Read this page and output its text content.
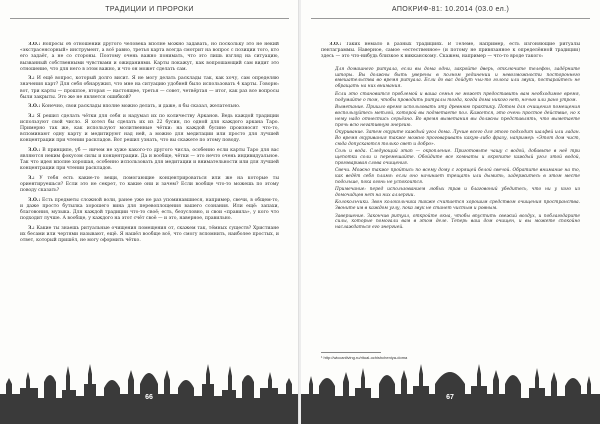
ТРАДИЦИИ И ПРОРОКИ

З.О.: Вопросы об отношении другого человека вполне можно задавать, но поскольку это не некий «экстрасенсорный» инструмент, а всё равно, третья карта всегда смотрит на вопрос с позиции того, кто его задаёт, а не со стороны. Поэтому очень важно понимать, что это лишь взгляд на ситуацию, вызванный собственными чувствами и ожиданиями. Карты покажут, как вопрошающий сам видит это отношение, что для него в этом важно, и что он может сделать сам.

З.: И ещё вопрос, который долго висит. Я не могу делать расклады так, как хочу, сам определяю значения карт? Для себя обнаружил, что мне на ситуацию удобней было использовать 4 карты. Говорю: вот, три карты — прошлое, вторая — настоящее, третья — совет, четвёртая — итог, как раз все вопросы были закрыты. Это же не является ошибкой?

З.О.: Конечно, свои расклады вполне можно делать, и даже, я бы сказал, желательно.

З.: Я решил сделать чётки для себя и надумал их по количеству Арканов. Ведь каждой традиции используют свой число. Я хотел бы сделать их из 22 бусин, по одной для каждого аркана Таро. Примерно так же, как используют молитвенные чётки: на каждой бусине произносят что-то, вспоминают одну карту и медитируют над ней, а можно для медитации или просто для лучшей концентрации при чтении раскладов. Вот решил узнать, что вы скажете по этому поводу.

З.О.: В принципе, уб — ничем не хуже какого-то другого числа, особенно если карты Таро для вас являются неким фокусом силы и концентрации. Да и вообще, чётки — это нечто очень индивидуальное. Так что идея вполне хорошая, особенно использовать для медитации и внимательности или для лучшей концентрации при чтении раскладов.

З.: У тебя есть какие-то вещи, помогающие концентрироваться или же на которые ты ориентируешься? Если это не секрет, то какие они и зачем? Если вообще что-то можешь по этому поводу сказать?

З.О.: Есть предметы сложной воли, ранее уже не раз упоминавшиеся, например, свечи, в общем-то, и даже просто бутылка хорошего вина для перевоплощения вашего сознания. Или ещё: запахи, благовония, музыка. Для каждой традиции что-то своё; есть, безусловно, и свои «правила», у кого что подходит лучше. А вообще, у каждого на этот счёт своё — и это, наверное, правильно.

З.: Какие ты знаешь ритуальные очищения помещения от, скажем так, тёмных существ? Христиане их бесами или чертями называют, ещё. Я нашёл вообще всё, что смогу вспомнить, наиболее простых, и ответ, который пришёл, не могу оформить чётко.

66
АПОКРИФ-81: 10.2014 (03.0 ел.)

З.О.: Таких немало в разных традициях. В Телеме, например, есть изгоняющие ритуалы пентаграммы. Наверное, самое «естественное» (и потому не привязанное к определённой традиции) здесь — это что-нибудь близкое к викканскому. Скажем, например — что-то вроде такого:

Для домашнего ритуала, если вы дома одни, закройте дверь, отключите телефон, задёрните шторы. Вы должны быть уверены в полном уединении и невозможности постороннего вмешательства во время ритуала. Если до вас дойдут чьи-то голоса или звуки, постарайтесь не обращать на них внимания.

Если это становится проблемой и ваша семья не может предоставить вам необходимое время, подумайте о том, чтобы проводить ритуалы тогда, когда дома никого нет, ночью или рано утром.

Выметание. Пришло время использовать эту древнюю практику. Потом для очищения помещения воспользуйтесь метлой, которой вы подметаете пол. Кажется, это очень простое действие, но к нему надо отнестись серьёзно. Во время выметания вы должны представлять, что выметаете прочь всю негативную энергию.

Окуривание. Затем окурите каждый угол дома. Лучше всего для этого подходит шалфей или ладан. Во время окуривания также можно проговаривать какую-либо фразу, например: «Этот дом чист, сюда допускаются только свет и добро».

Соль и вода. Следующий этап — окропление. Приготовьте чашу с водой, добавьте в неё три щепотки соли и перемешайте. Обойдите все комнаты и окропите каждый угол этой водой, проговаривая слова очищения.

Свечи. Можно также пройтись по всему дому с горящей белой свечой. Обратите внимание на то, как ведёт себя пламя: если оно начинает трещать или дымить, задержитесь в этом месте подольше, пока огонь не успокоится.

Примечание: перед использованием любых трав и благовоний убедитесь, что ни у кого из домочадцев нет на них аллергии.

Колокольчики. Звон колокольчика также считается хорошим средством очищения пространства. Звоните им в каждом углу, пока звук не станет чистым и ровным.

Завершение. Закончив ритуал, откройте окна, чтобы впустить свежий воздух, и поблагодарите силы, которые помогали вам в этом деле. Теперь ваш дом очищен, и вы можете спокойно наслаждаться его энергией.

¹ http://wiccanliving.ru/ritual-ochishcheniya-doma
67
